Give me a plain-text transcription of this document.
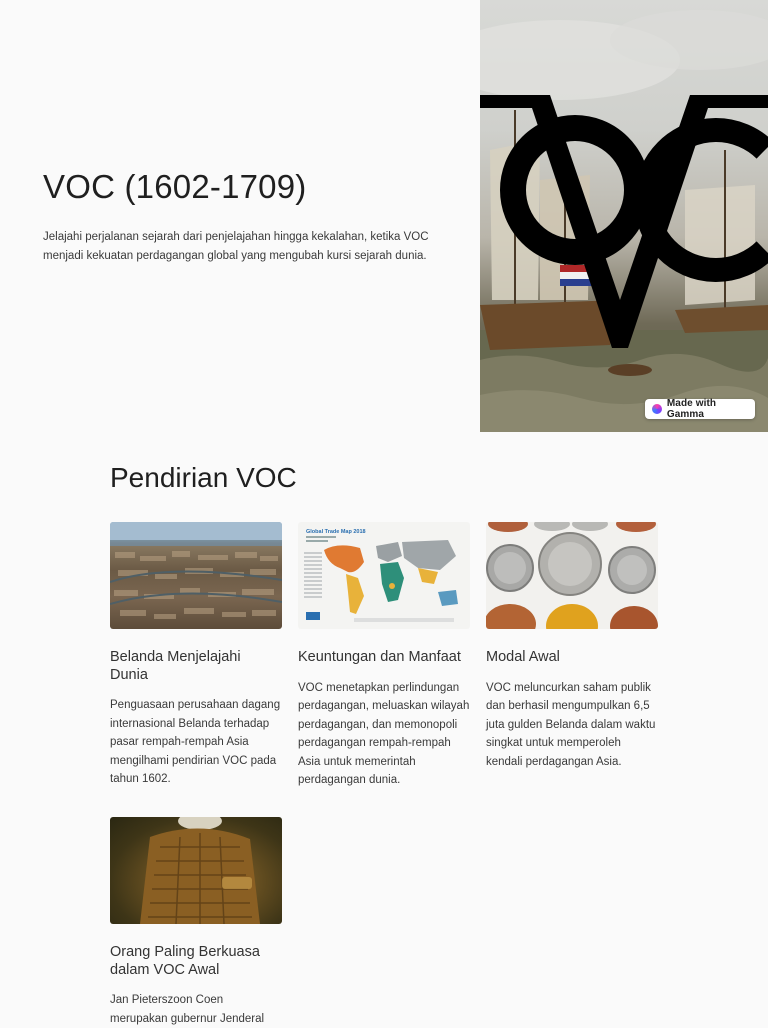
VOC (1602-1709)

Jelajahi perjalanan sejarah dari penjelajahan hingga kekalahan, ketika VOC menjadi kekuatan perdagangan global yang mengubah kursi sejarah dunia.

Made with Gamma
Pendirian VOC
Belanda Menjelajahi Dunia

Penguasaan perusahaan dagang internasional Belanda terhadap pasar rempah-rempah Asia mengilhami pendirian VOC pada tahun 1602.

Global Trade Map 2018
Keuntungan dan Manfaat

VOC menetapkan perlindungan perdagangan, meluaskan wilayah perdagangan, dan memonopoli perdagangan rempah-rempah Asia untuk memerintah perdagangan dunia.

Modal Awal

VOC meluncurkan saham publik dan berhasil mengumpulkan 6,5 juta gulden Belanda dalam waktu singkat untuk memperoleh kendali perdagangan Asia.

Orang Paling Berkuasa dalam VOC Awal

Jan Pieterszoon Coen merupakan gubernur Jenderal
